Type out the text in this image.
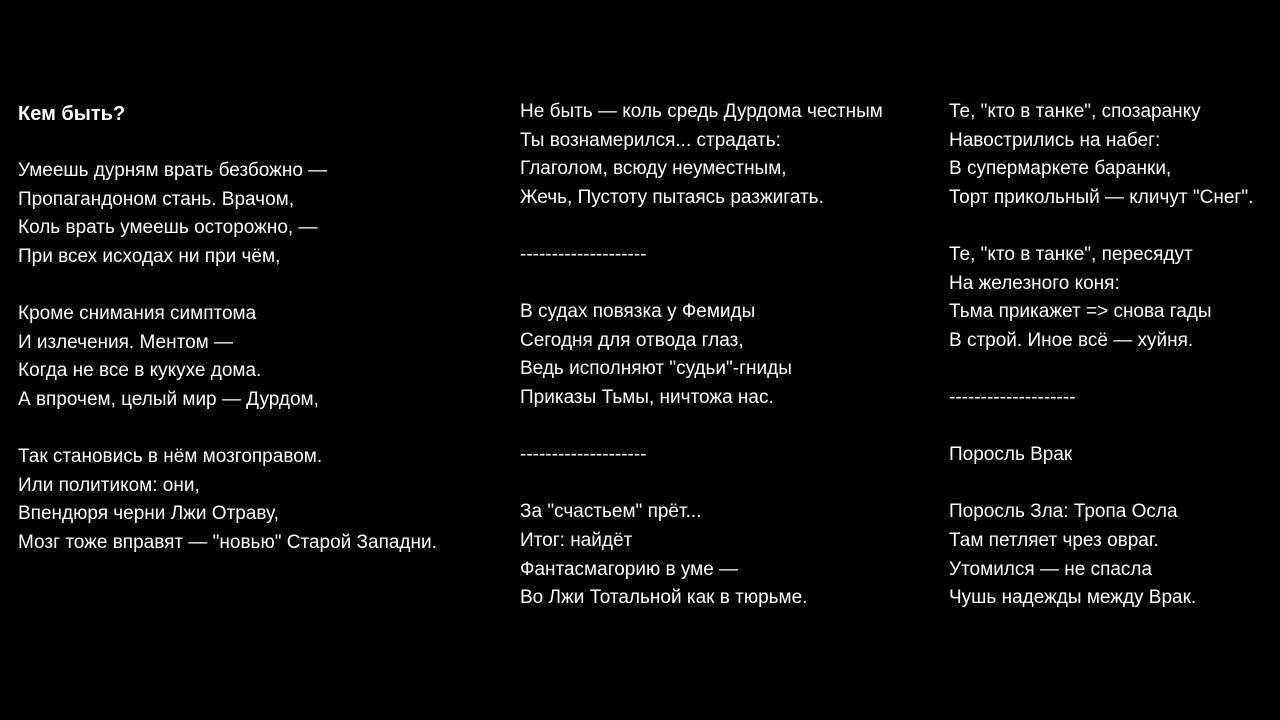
Кем быть?
Умеешь дурням врать безбожно —
Пропагандоном стань. Врачом,
Коль врать умеешь осторожно, —
При всех исходах ни при чём,
Кроме снимания симптома
И излечения. Ментом —
Когда не все в кукухе дома.
А впрочем, целый мир — Дурдом,
Так становись в нём мозгоправом.
Или политиком: они,
Впендюря черни Лжи Отраву,
Мозг тоже вправят — "новью" Старой Западни.
Не быть — коль средь Дурдома честным
Ты вознамерился... страдать:
Глаголом, всюду неуместным,
Жечь, Пустоту пытаясь разжигать.
--------------------
В судах повязка у Фемиды
Сегодня для отвода глаз,
Ведь исполняют "судьи"-гниды
Приказы Тьмы, ничтожа нас.
--------------------
За "счастьем" прёт...
Итог: найдёт
Фантасмагорию в уме —
Во Лжи Тотальной как в тюрьме.
Те, "кто в танке", спозаранку
Навострились на набег:
В супермаркете баранки,
Торт прикольный — кличут "Снег".
Те, "кто в танке", пересядут
На железного коня:
Тьма прикажет => снова гады
В строй. Иное всё — хуйня.
--------------------
Поросль Врак
Поросль Зла: Тропа Осла
Там петляет чрез овраг.
Утомился — не спасла
Чушь надежды между Врак.
